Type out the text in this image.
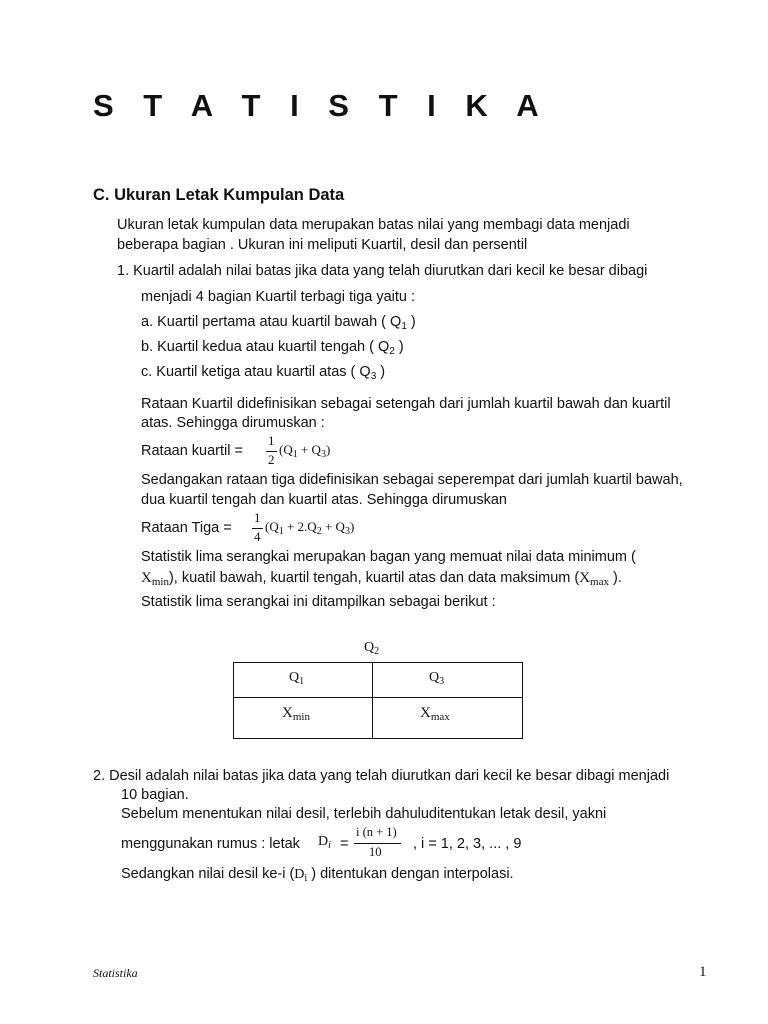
S T A T I S T I K A
C. Ukuran Letak Kumpulan Data
Ukuran letak kumpulan data merupakan batas nilai yang membagi data menjadi
beberapa bagian . Ukuran ini meliputi Kuartil, desil dan persentil
1. Kuartil adalah nilai batas jika data yang telah diurutkan dari kecil ke besar dibagi
menjadi 4 bagian Kuartil terbagi tiga yaitu :
a. Kuartil pertama atau kuartil bawah ( $Q_1$ )
b. Kuartil kedua atau kuartil tengah ( $Q_2$ )
c. Kuartil ketiga atau kuartil atas ( $Q_3$ )
Rataan Kuartil didefinisikan sebagai setengah dari jumlah kuartil bawah dan kuartil
atas. Sehingga dirumuskan :
Rataan kuartil =
1
2
$(Q_1 + Q_3)$
Sedangakan rataan tiga didefinisikan sebagai seperempat dari jumlah kuartil bawah,
dua kuartil tengah dan kuartil atas. Sehingga dirumuskan
Rataan Tiga =
1
4
$(Q_1 + 2.Q_2 + Q_3)$
Statistik lima serangkai merupakan bagan yang memuat nilai data minimum (
$X_{min}$), kuatil bawah, kuartil tengah, kuartil atas dan data maksimum ($X_{max}$ ).
Statistik lima serangkai ini ditampilkan sebagai berikut :
$Q_2$
$Q_1$	$Q_3$
$X_{min}$	$X_{max}$
2. Desil adalah nilai batas jika data yang telah diurutkan dari kecil ke besar dibagi menjadi
10 bagian.
Sebelum menentukan nilai desil, terlebih dahuluditentukan letak desil, yakni
menggunakan rumus : letak $D_i$ =
i (n + 1)
10 , i = 1, 2, 3, ... , 9
Sedangkan nilai desil ke-i ($D_i$ ) ditentukan dengan interpolasi.
Statistika	1
